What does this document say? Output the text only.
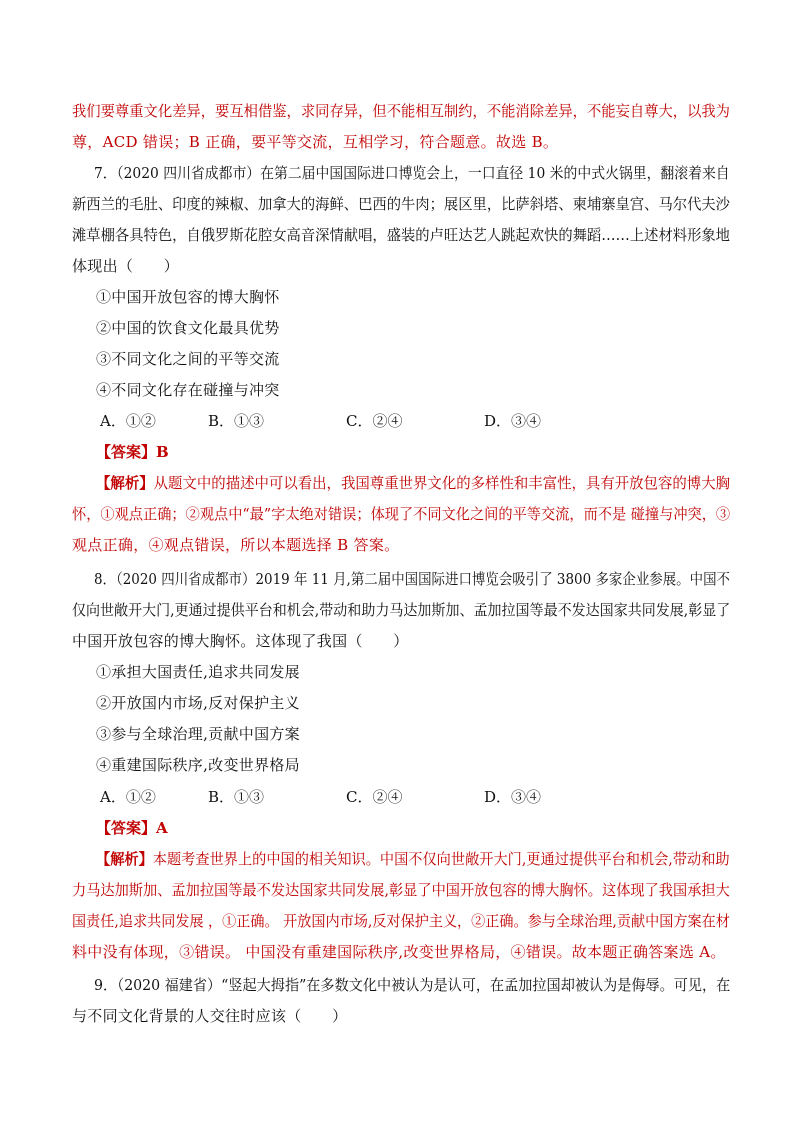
我们要尊重文化差异，要互相借鉴，求同存异，但不能相互制约，不能消除差异，不能妄自尊大，以我为
尊，ACD 错误；B 正确，要平等交流，互相学习，符合题意。故选 B。
7．（2020 四川省成都市）在第二届中国国际进口博览会上，一口直径 10 米的中式火锅里，翻滚着来自
新西兰的毛肚、印度的辣椒、加拿大的海鲜、巴西的牛肉；展区里，比萨斜塔、柬埔寨皇宫、马尔代夫沙
滩草棚各具特色，自俄罗斯花腔女高音深情献唱，盛装的卢旺达艺人跳起欢快的舞蹈……上述材料形象地
体现出（　　）
①中国开放包容的博大胸怀
②中国的饮食文化最具优势
③不同文化之间的平等交流
④不同文化存在碰撞与冲突
A．①②	B．①③	C．②④	D．③④
【答案】B
【解析】从题文中的描述中可以看出，我国尊重世界文化的多样性和丰富性，具有开放包容的博大胸
怀，①观点正确；②观点中“最”字太绝对错误；体现了不同文化之间的平等交流，而不是 碰撞与冲突，③
观点正确，④观点错误，所以本题选择 B 答案。
8．（2020 四川省成都市）2019 年 11 月,第二届中国国际进口博览会吸引了 3800 多家企业参展。中国不
仅向世敞开大门,更通过提供平台和机会,带动和助力马达加斯加、孟加拉国等最不发达国家共同发展,彰显了
中国开放包容的博大胸怀。这体现了我国（　　）
①承担大国责任,追求共同发展
②开放国内市场,反对保护主义
③参与全球治理,贡献中国方案
④重建国际秩序,改变世界格局
A．①②	B．①③	C．②④	D．③④
【答案】A
【解析】本题考查世界上的中国的相关知识。中国不仅向世敞开大门,更通过提供平台和机会,带动和助
力马达加斯加、孟加拉国等最不发达国家共同发展,彰显了中国开放包容的博大胸怀。这体现了我国承担大
国责任,追求共同发展 ，①正确。 开放国内市场,反对保护主义，②正确。参与全球治理,贡献中国方案在材
料中没有体现，③错误。 中国没有重建国际秩序,改变世界格局，④错误。故本题正确答案选 A。
9．（2020 福建省）“竖起大拇指”在多数文化中被认为是认可，在孟加拉国却被认为是侮辱。可见，在
与不同文化背景的人交往时应该（　　）
